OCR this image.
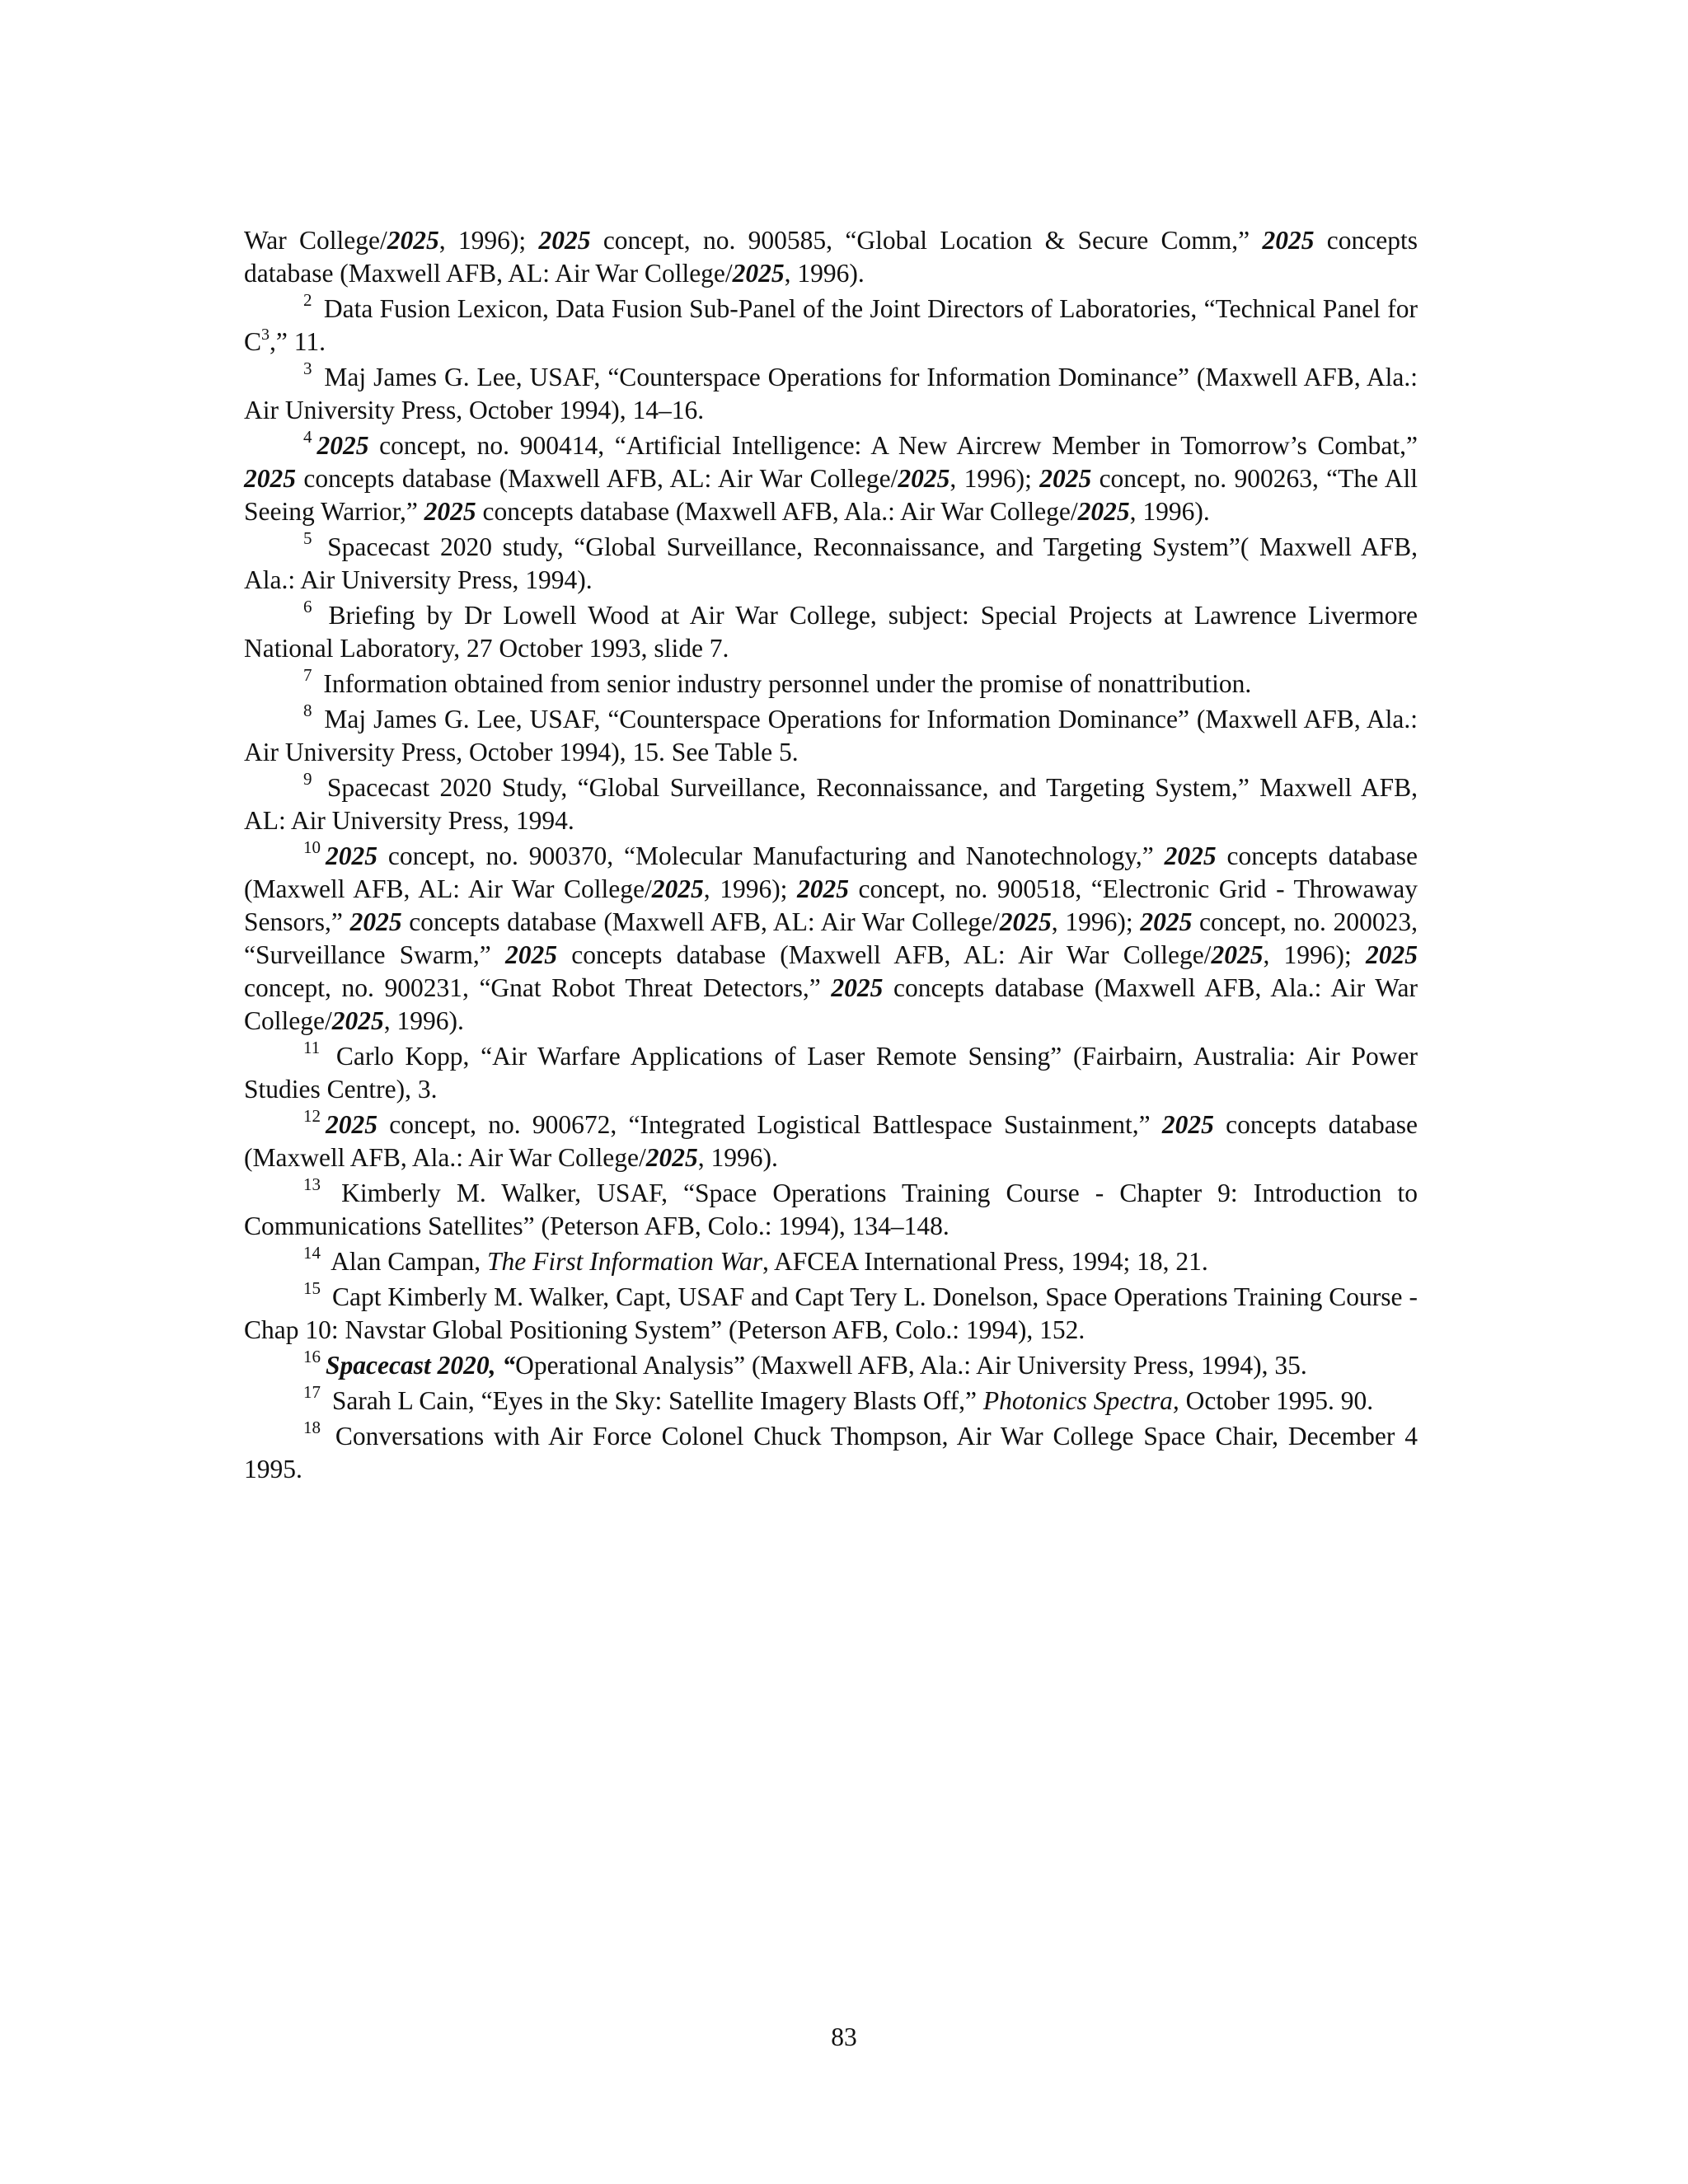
War College/2025, 1996); 2025 concept, no. 900585, “Global Location & Secure Comm,” 2025 concepts database (Maxwell AFB, AL: Air War College/2025, 1996).

$^2$ Data Fusion Lexicon, Data Fusion Sub-Panel of the Joint Directors of Laboratories, “Technical Panel for $C^3$,” 11.

$^3$ Maj James G. Lee, USAF, “Counterspace Operations for Information Dominance” (Maxwell AFB, Ala.: Air University Press, October 1994), 14–16.

$^4$ 2025 concept, no. 900414, “Artificial Intelligence: A New Aircrew Member in Tomorrow’s Combat,” 2025 concepts database (Maxwell AFB, AL: Air War College/2025, 1996); 2025 concept, no. 900263, “The All Seeing Warrior,” 2025 concepts database (Maxwell AFB, Ala.: Air War College/2025, 1996).

$^5$ Spacecast 2020 study, “Global Surveillance, Reconnaissance, and Targeting System”( Maxwell AFB, Ala.: Air University Press, 1994).

$^6$ Briefing by Dr Lowell Wood at Air War College, subject: Special Projects at Lawrence Livermore National Laboratory, 27 October 1993, slide 7.

$^7$ Information obtained from senior industry personnel under the promise of nonattribution.

$^8$ Maj James G. Lee, USAF, “Counterspace Operations for Information Dominance” (Maxwell AFB, Ala.: Air University Press, October 1994), 15. See Table 5.

$^9$ Spacecast 2020 Study, “Global Surveillance, Reconnaissance, and Targeting System,” Maxwell AFB, AL: Air University Press, 1994.

$^{10}$ 2025 concept, no. 900370, “Molecular Manufacturing and Nanotechnology,” 2025 concepts database (Maxwell AFB, AL: Air War College/2025, 1996); 2025 concept, no. 900518, “Electronic Grid - Throwaway Sensors,” 2025 concepts database (Maxwell AFB, AL: Air War College/2025, 1996); 2025 concept, no. 200023, “Surveillance Swarm,” 2025 concepts database (Maxwell AFB, AL: Air War College/2025, 1996); 2025 concept, no. 900231, “Gnat Robot Threat Detectors,” 2025 concepts database (Maxwell AFB, Ala.: Air War College/2025, 1996).

$^{11}$ Carlo Kopp, “Air Warfare Applications of Laser Remote Sensing” (Fairbairn, Australia: Air Power Studies Centre), 3.

$^{12}$ 2025 concept, no. 900672, “Integrated Logistical Battlespace Sustainment,” 2025 concepts database (Maxwell AFB, Ala.: Air War College/2025, 1996).

$^{13}$ Kimberly M. Walker, USAF, “Space Operations Training Course - Chapter 9: Introduction to Communications Satellites” (Peterson AFB, Colo.: 1994), 134–148.

$^{14}$ Alan Campan, The First Information War, AFCEA International Press, 1994; 18, 21.

$^{15}$ Capt Kimberly M. Walker, Capt, USAF and Capt Tery L. Donelson, Space Operations Training Course - Chap 10: Navstar Global Positioning System” (Peterson AFB, Colo.: 1994), 152.

$^{16}$ Spacecast 2020, “Operational Analysis” (Maxwell AFB, Ala.: Air University Press, 1994), 35.

$^{17}$ Sarah L Cain, “Eyes in the Sky: Satellite Imagery Blasts Off,” Photonics Spectra, October 1995. 90.

$^{18}$ Conversations with Air Force Colonel Chuck Thompson, Air War College Space Chair, December 4 1995.

83
